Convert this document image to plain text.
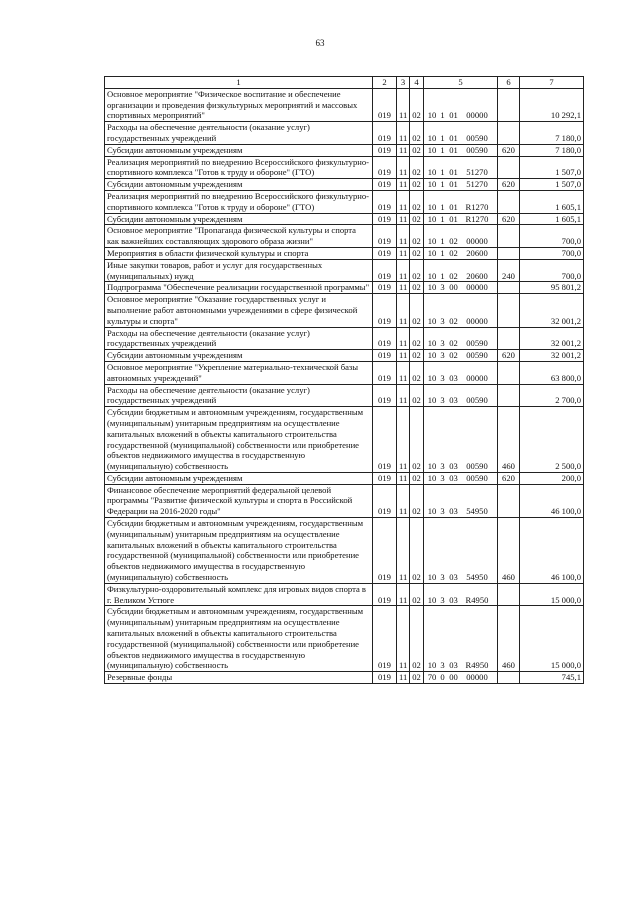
63
1	2	3	4	5	6	7
Основное мероприятие "Физическое воспитание и обеспечение организации и проведения физкультурных мероприятий и массовых спортивных мероприятий"	019	11	02	10 1 01 00000		10 292,1
Расходы на обеспечение деятельности (оказание услуг) государственных учреждений	019	11	02	10 1 01 00590		7 180,0
Субсидии автономным учреждениям	019	11	02	10 1 01 00590	620	7 180,0
Реализация мероприятий по внедрению Всероссийского физкультурно-спортивного комплекса "Готов к труду и обороне" (ГТО)	019	11	02	10 1 01 51270		1 507,0
Субсидии автономным учреждениям	019	11	02	10 1 01 51270	620	1 507,0
Реализация мероприятий по внедрению Всероссийского физкультурно-спортивного комплекса "Готов к труду и обороне" (ГТО)	019	11	02	10 1 01 R1270		1 605,1
Субсидии автономным учреждениям	019	11	02	10 1 01 R1270	620	1 605,1
Основное мероприятие "Пропаганда физической культуры и спорта как важнейших составляющих здорового образа жизни"	019	11	02	10 1 02 00000		700,0
Мероприятия в области физической культуры и спорта	019	11	02	10 1 02 20600		700,0
Иные закупки товаров, работ и услуг для государственных (муниципальных) нужд	019	11	02	10 1 02 20600	240	700,0
Подпрограмма "Обеспечение реализации государственной программы"	019	11	02	10 3 00 00000		95 801,2
Основное мероприятие "Оказание государственных услуг и выполнение работ автономными учреждениями в сфере физической культуры и спорта"	019	11	02	10 3 02 00000		32 001,2
Расходы на обеспечение деятельности (оказание услуг) государственных учреждений	019	11	02	10 3 02 00590		32 001,2
Субсидии автономным учреждениям	019	11	02	10 3 02 00590	620	32 001,2
Основное мероприятие "Укрепление материально-технической базы автономных учреждений"	019	11	02	10 3 03 00000		63 800,0
Расходы на обеспечение деятельности (оказание услуг) государственных учреждений	019	11	02	10 3 03 00590		2 700,0
Субсидии бюджетным и автономным учреждениям, государственным (муниципальным) унитарным предприятиям на осуществление капитальных вложений в объекты капитального строительства государственной (муниципальной) собственности или приобретение объектов недвижимого имущества в государственную (муниципальную) собственность	019	11	02	10 3 03 00590	460	2 500,0
Субсидии автономным учреждениям	019	11	02	10 3 03 00590	620	200,0
Финансовое обеспечение мероприятий федеральной целевой программы "Развитие физической культуры и спорта в Российской Федерации на 2016-2020 годы"	019	11	02	10 3 03 54950		46 100,0
Субсидии бюджетным и автономным учреждениям, государственным (муниципальным) унитарным предприятиям на осуществление капитальных вложений в объекты капитального строительства государственной (муниципальной) собственности или приобретение объектов недвижимого имущества в государственную (муниципальную) собственность	019	11	02	10 3 03 54950	460	46 100,0
Физкультурно-оздоровительный комплекс для игровых видов спорта в г. Великом Устюге	019	11	02	10 3 03 R4950		15 000,0
Субсидии бюджетным и автономным учреждениям, государственным (муниципальным) унитарным предприятиям на осуществление капитальных вложений в объекты капитального строительства государственной (муниципальной) собственности или приобретение объектов недвижимого имущества в государственную (муниципальную) собственность	019	11	02	10 3 03 R4950	460	15 000,0
Резервные фонды	019	11	02	70 0 00 00000		745,1
